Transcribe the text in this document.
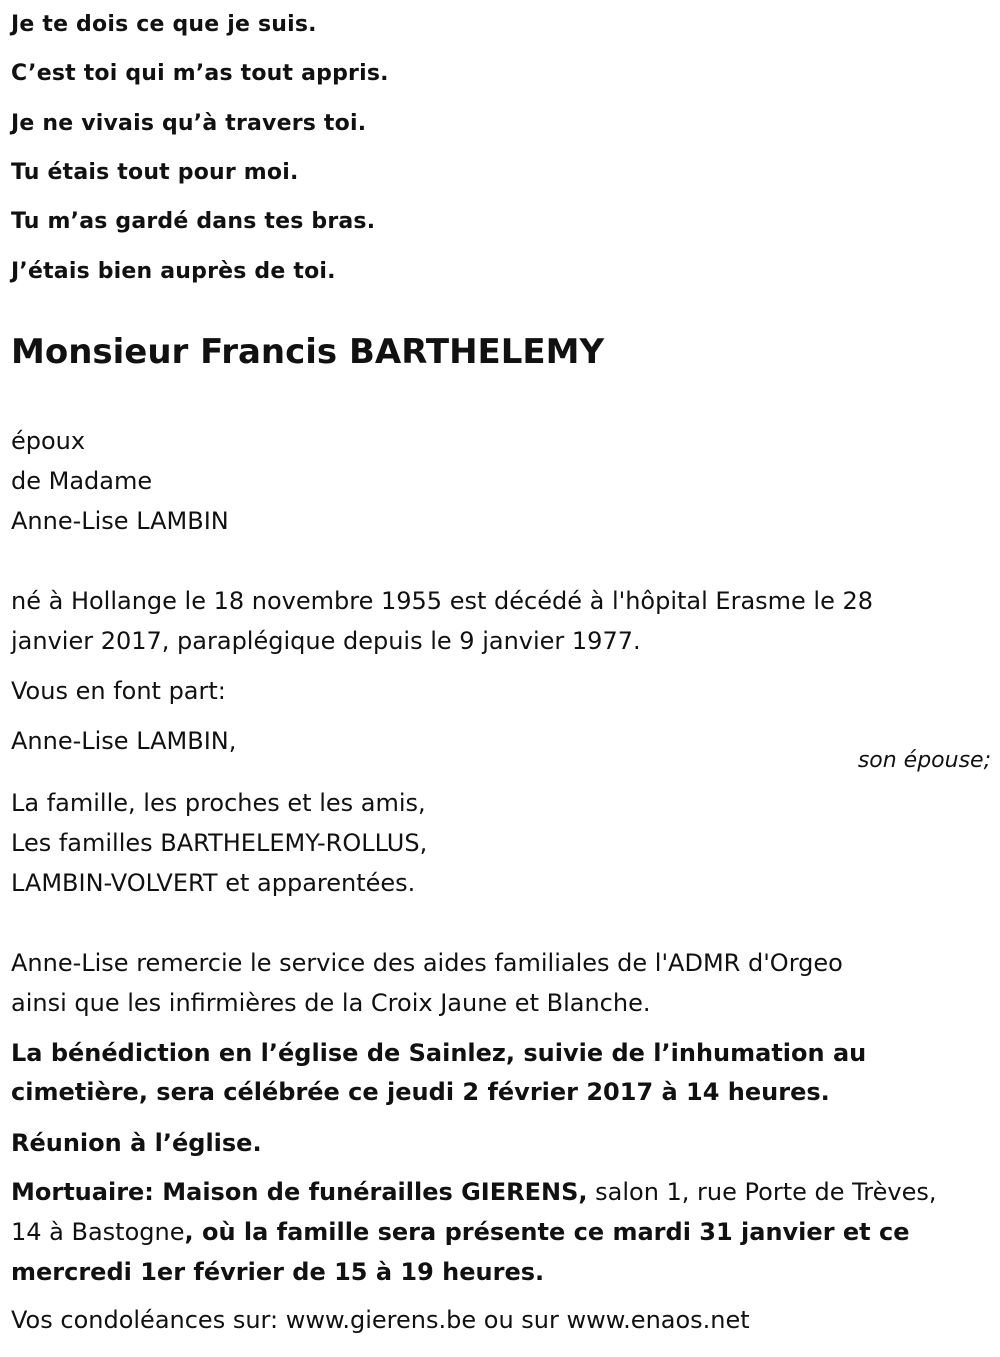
Je te dois ce que je suis.
C’est toi qui m’as tout appris.
Je ne vivais qu’à travers toi.
Tu étais tout pour moi.
Tu m’as gardé dans tes bras.
J’étais bien auprès de toi.
Monsieur Francis BARTHELEMY
époux
de Madame
Anne-Lise LAMBIN
né à Hollange le 18 novembre 1955 est décédé à l'hôpital Erasme le 28
janvier 2017, paraplégique depuis le 9 janvier 1977.
Vous en font part:
Anne-Lise LAMBIN,
son épouse;
La famille, les proches et les amis,
Les familles BARTHELEMY-ROLLUS,
LAMBIN-VOLVERT et apparentées.
Anne-Lise remercie le service des aides familiales de l'ADMR d'Orgeo
ainsi que les infirmières de la Croix Jaune et Blanche.
La bénédiction en l’église de Sainlez, suivie de l’inhumation au
cimetière, sera célébrée ce jeudi 2 février 2017 à 14 heures.
Réunion à l’église.
Mortuaire: Maison de funérailles GIERENS, salon 1, rue Porte de Trèves,
14 à Bastogne, où la famille sera présente ce mardi 31 janvier et ce
mercredi 1er février de 15 à 19 heures.
Vos condoléances sur: www.gierens.be ou sur www.enaos.net
